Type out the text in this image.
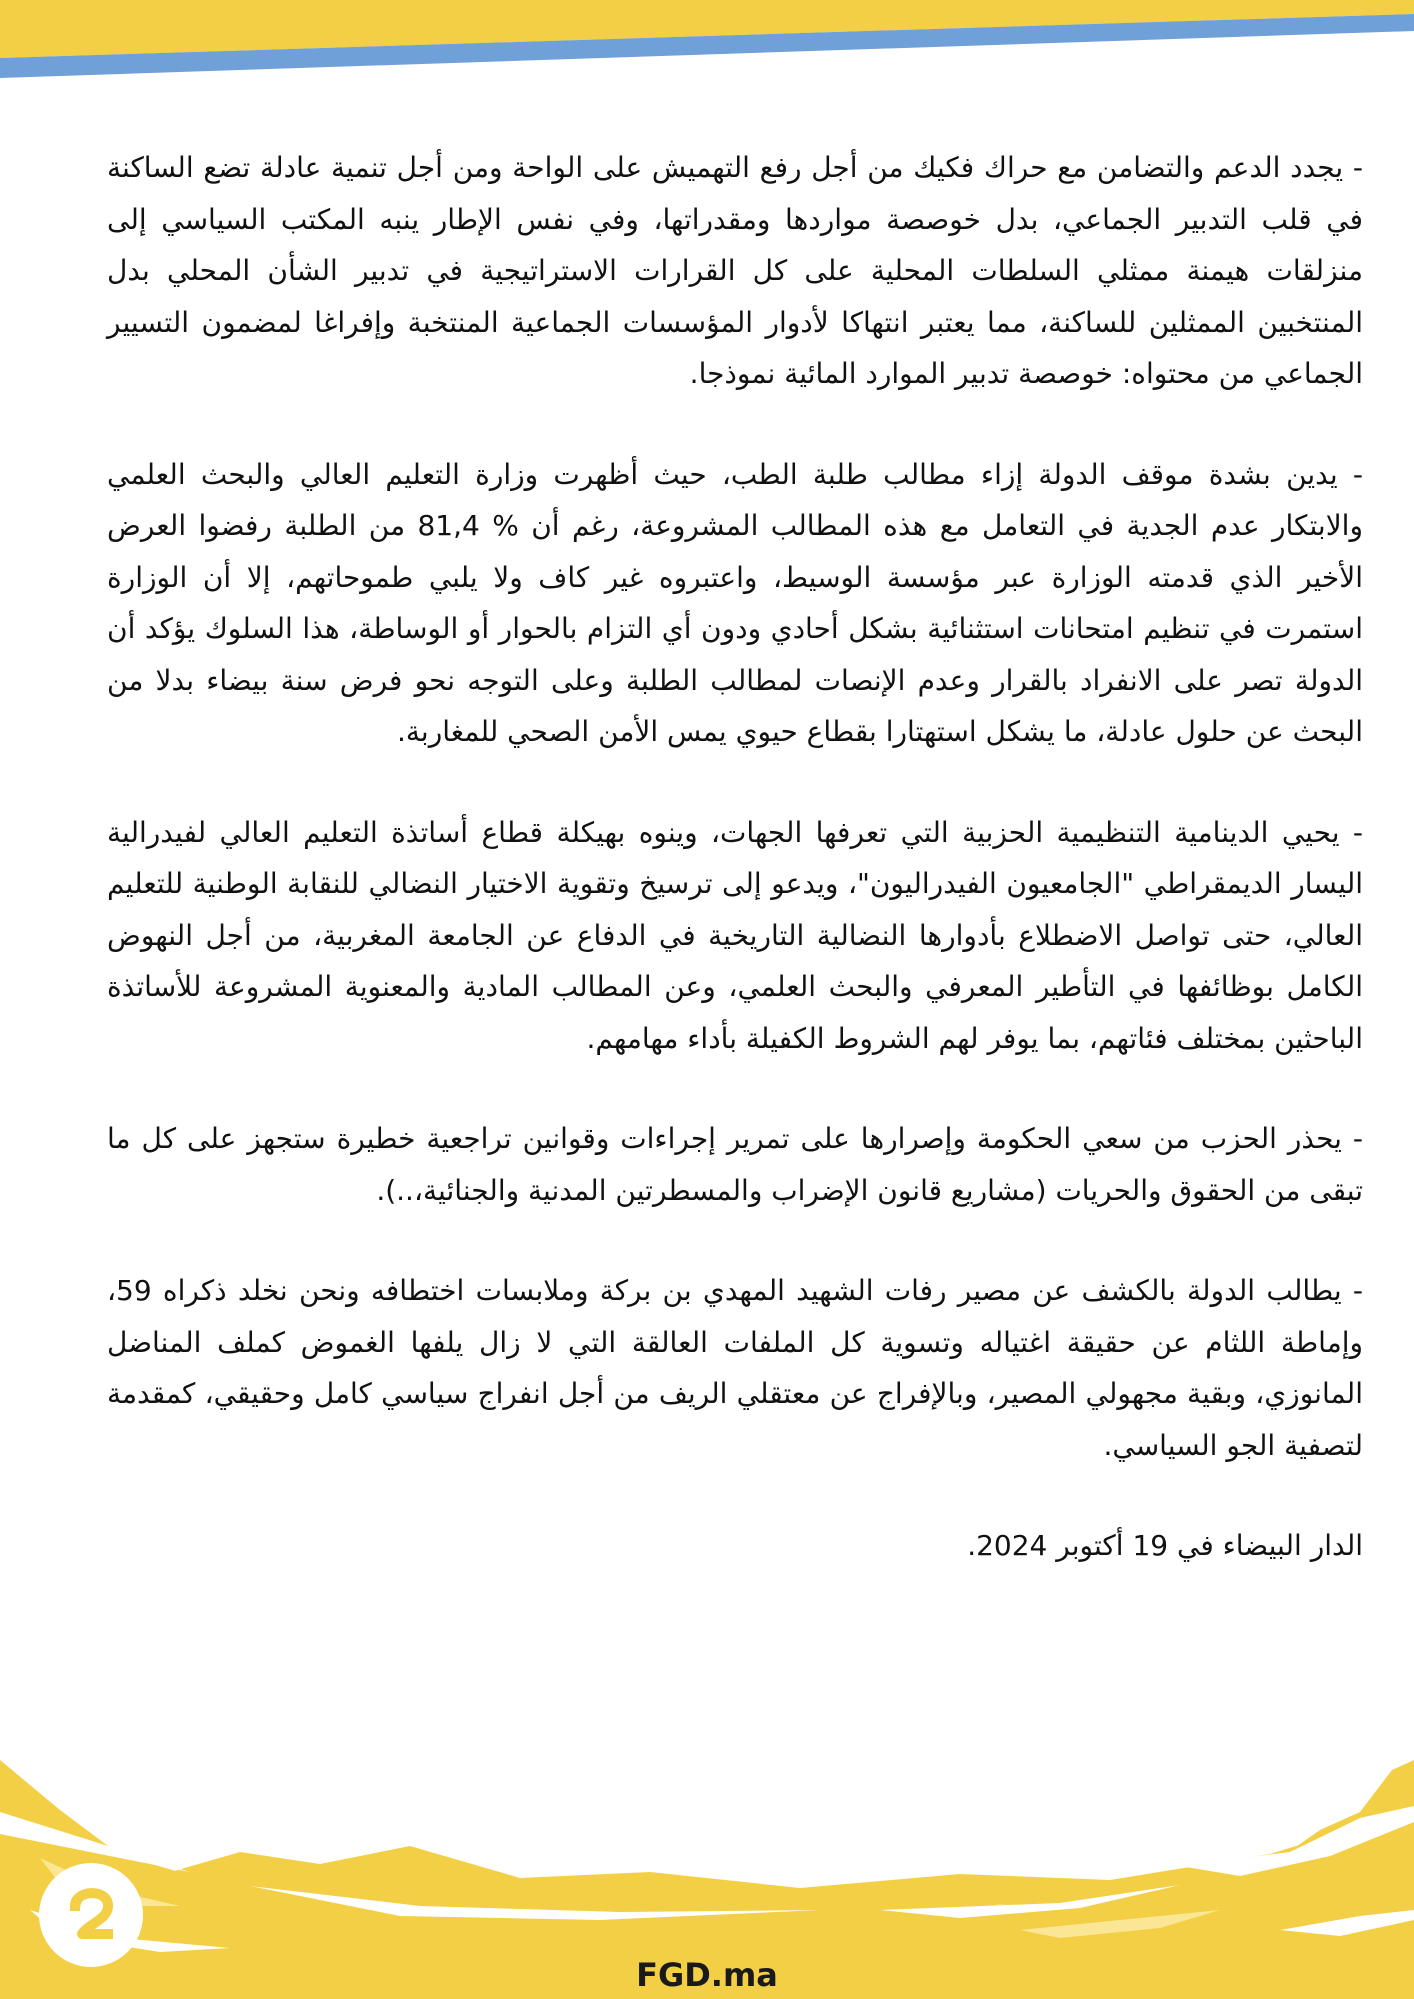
- يجدد الدعم والتضامن مع حراك فكيك من أجل رفع التهميش على الواحة ومن أجل تنمية عادلة تضع الساكنة في قلب التدبير الجماعي، بدل خوصصة مواردها ومقدراتها، وفي نفس الإطار ينبه المكتب السياسي إلى منزلقات هيمنة ممثلي السلطات المحلية على كل القرارات الاستراتيجية في تدبير الشأن المحلي بدل المنتخبين الممثلين للساكنة، مما يعتبر انتهاكا لأدوار المؤسسات الجماعية المنتخبة وإفراغا لمضمون التسيير الجماعي من محتواه: خوصصة تدبير الموارد المائية نموذجا.

- يدين بشدة موقف الدولة إزاء مطالب طلبة الطب، حيث أظهرت وزارة التعليم العالي والبحث العلمي والابتكار عدم الجدية في التعامل مع هذه المطالب المشروعة، رغم أن % 81,4 من الطلبة رفضوا العرض الأخير الذي قدمته الوزارة عبر مؤسسة الوسيط، واعتبروه غير كاف ولا يلبي طموحاتهم، إلا أن الوزارة استمرت في تنظيم امتحانات استثنائية بشكل أحادي ودون أي التزام بالحوار أو الوساطة، هذا السلوك يؤكد أن الدولة تصر على الانفراد بالقرار وعدم الإنصات لمطالب الطلبة وعلى التوجه نحو فرض سنة بيضاء بدلا من البحث عن حلول عادلة، ما يشكل استهتارا بقطاع حيوي يمس الأمن الصحي للمغاربة.

- يحيي الدينامية التنظيمية الحزبية التي تعرفها الجهات، وينوه بهيكلة قطاع أساتذة التعليم العالي لفيدرالية اليسار الديمقراطي "الجامعيون الفيدراليون"، ويدعو إلى ترسيخ وتقوية الاختيار النضالي للنقابة الوطنية للتعليم العالي، حتى تواصل الاضطلاع بأدوارها النضالية التاريخية في الدفاع عن الجامعة المغربية، من أجل النهوض الكامل بوظائفها في التأطير المعرفي والبحث العلمي، وعن المطالب المادية والمعنوية المشروعة للأساتذة الباحثين بمختلف فئاتهم، بما يوفر لهم الشروط الكفيلة بأداء مهامهم.

- يحذر الحزب من سعي الحكومة وإصرارها على تمرير إجراءات وقوانين تراجعية خطيرة ستجهز على كل ما تبقى من الحقوق والحريات (مشاريع قانون الإضراب والمسطرتين المدنية والجنائية،..).

- يطالب الدولة بالكشف عن مصير رفات الشهيد المهدي بن بركة وملابسات اختطافه ونحن نخلد ذكراه 59، وإماطة اللثام عن حقيقة اغتياله وتسوية كل الملفات العالقة التي لا زال يلفها الغموض كملف المناضل المانوزي، وبقية مجهولي المصير، وبالإفراج عن معتقلي الريف من أجل انفراج سياسي كامل وحقيقي، كمقدمة لتصفية الجو السياسي.

الدار البيضاء في 19 أكتوبر 2024.

FGD.ma
